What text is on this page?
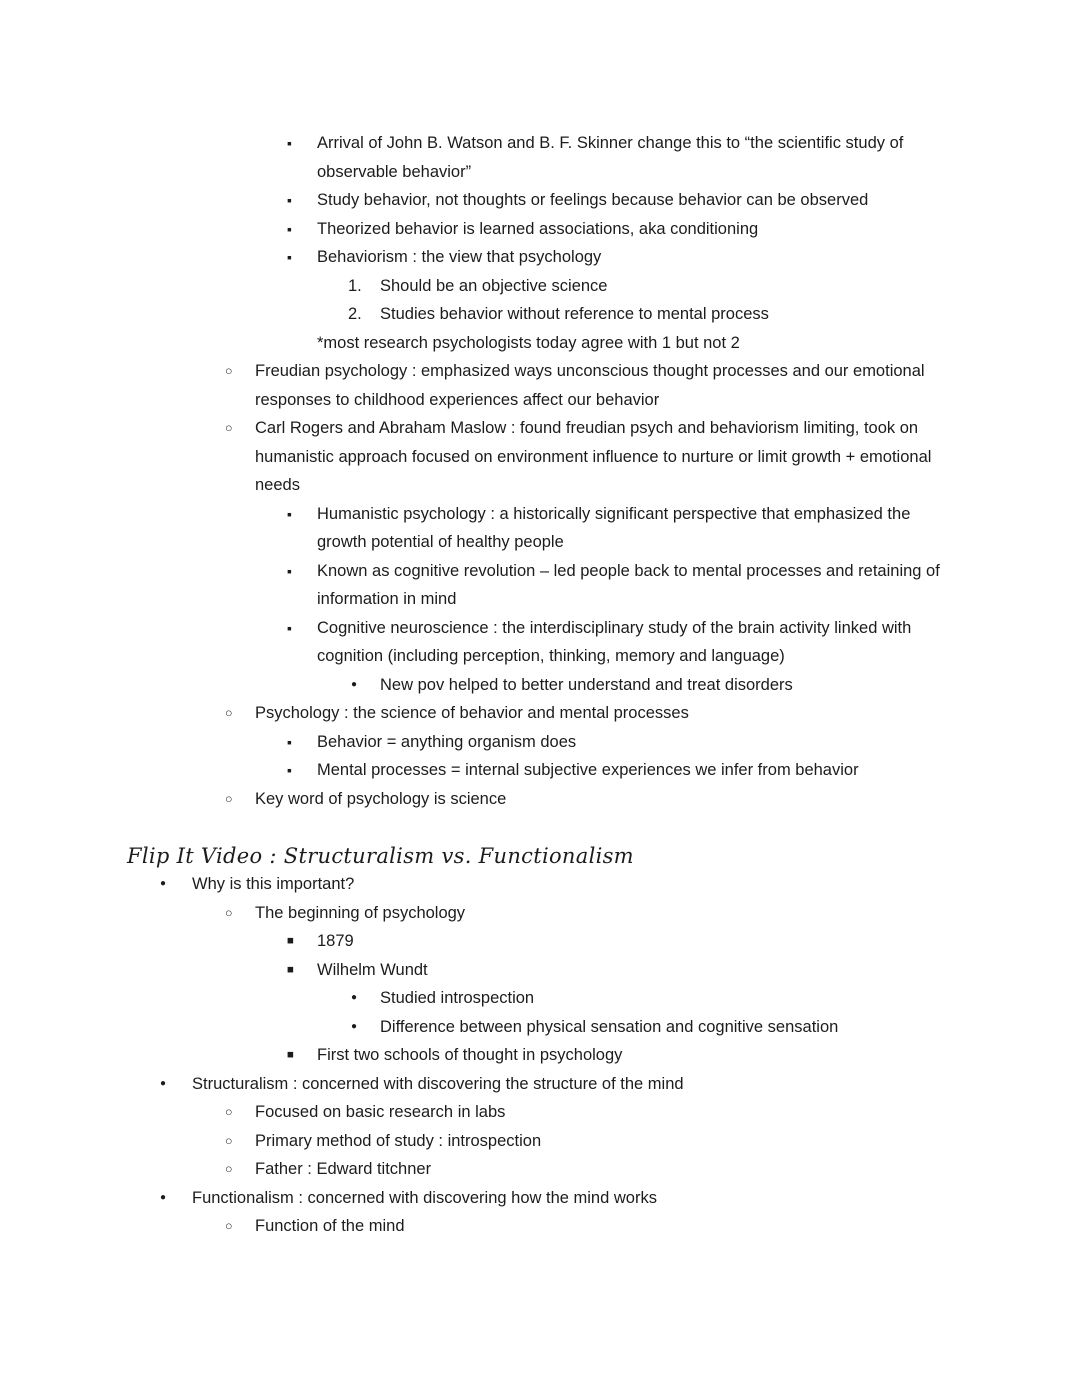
▪	Arrival of John B. Watson and B. F. Skinner change this to “the scientific study of observable behavior”
▪	Study behavior, not thoughts or feelings because behavior can be observed
▪	Theorized behavior is learned associations, aka conditioning
▪	Behaviorism : the view that psychology
1. Should be an objective science
2. Studies behavior without reference to mental process
*most research psychologists today agree with 1 but not 2
○	Freudian psychology : emphasized ways unconscious thought processes and our emotional responses to childhood experiences affect our behavior
○	Carl Rogers and Abraham Maslow : found freudian psych and behaviorism limiting, took on humanistic approach focused on environment influence to nurture or limit growth + emotional needs
▪	Humanistic psychology : a historically significant perspective that emphasized the growth potential of healthy people
▪	Known as cognitive revolution – led people back to mental processes and retaining of information in mind
▪	Cognitive neuroscience : the interdisciplinary study of the brain activity linked with cognition (including perception, thinking, memory and language)
●	New pov helped to better understand and treat disorders
○	Psychology : the science of behavior and mental processes
▪	Behavior = anything organism does
▪	Mental processes = internal subjective experiences we infer from behavior
○	Key word of psychology is science
Flip It Video : Structuralism vs. Functionalism
●	Why is this important?
○	The beginning of psychology
■	1879
■	Wilhelm Wundt
●	Studied introspection
●	Difference between physical sensation and cognitive sensation
■	First two schools of thought in psychology
●	Structuralism : concerned with discovering the structure of the mind
○	Focused on basic research in labs
○	Primary method of study : introspection
○	Father : Edward titchner
●	Functionalism : concerned with discovering how the mind works
○	Function of the mind
